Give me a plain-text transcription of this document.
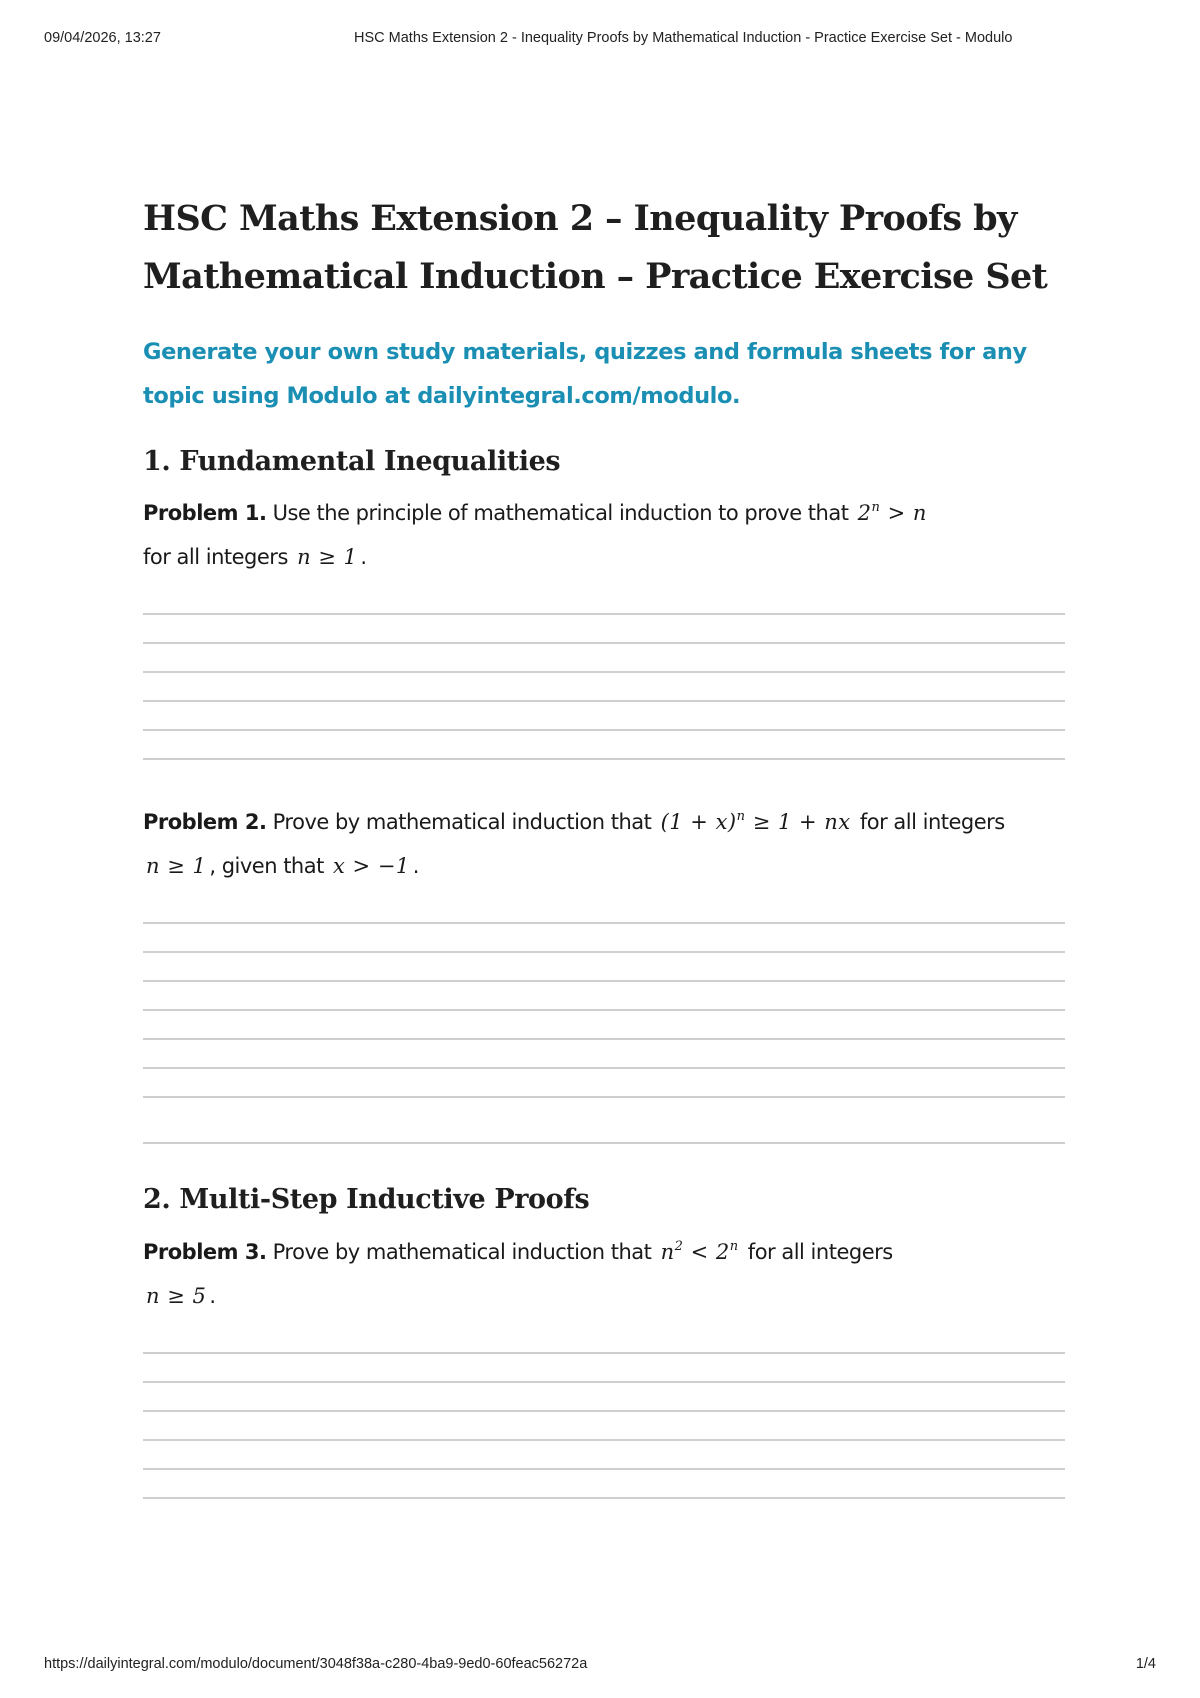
09/04/2026, 13:27	HSC Maths Extension 2 - Inequality Proofs by Mathematical Induction - Practice Exercise Set - Modulo
HSC Maths Extension 2 – Inequality Proofs by Mathematical Induction – Practice Exercise Set
Generate your own study materials, quizzes and formula sheets for any topic using Modulo at dailyintegral.com/modulo.
1. Fundamental Inequalities
Problem 1. Use the principle of mathematical induction to prove that $2^n > n$
for all integers n ≥ 1 .
Problem 2. Prove by mathematical induction that $(1 + x)^n \ge 1$ + nx for all integers
n ≥ 1 , given that x > −1 .
2. Multi-Step Inductive Proofs
Problem 3. Prove by mathematical induction that $n^2 < 2^n$ for all integers
n ≥ 5 .
https://dailyintegral.com/modulo/document/3048f38a-c280-4ba9-9ed0-60feac56272a	1/4
